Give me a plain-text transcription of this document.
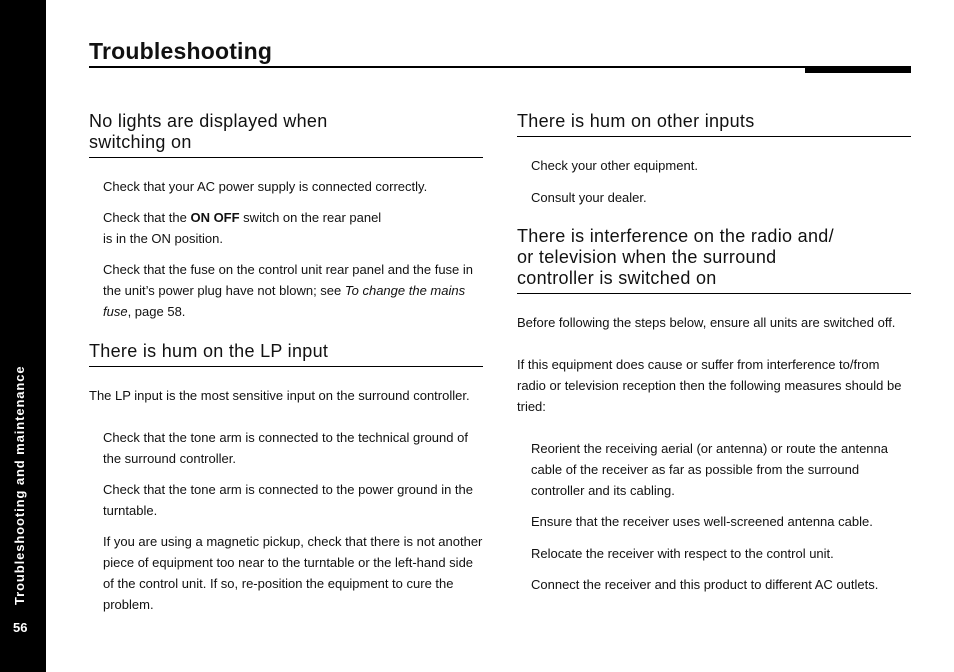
Troubleshooting and maintenance
56
Troubleshooting
No lights are displayed when
switching on

Check that your AC power supply is connected correctly.

Check that the ON OFF switch on the rear panel
is in the ON position.

Check that the fuse on the control unit rear panel and the fuse in the unit’s power plug have not blown; see To change the mains fuse, page 58.

There is hum on the LP input

The LP input is the most sensitive input on the surround controller.

Check that the tone arm is connected to the technical ground of the surround controller.

Check that the tone arm is connected to the power ground in the turntable.

If you are using a magnetic pickup, check that there is not another piece of equipment too near to the turntable or the left-hand side of the control unit. If so, re-position the equipment to cure the problem.

There is hum on other inputs

Check your other equipment.

Consult your dealer.

There is interference on the radio and/
or television when the surround
controller is switched on

Before following the steps below, ensure all units are switched off.

If this equipment does cause or suffer from interference to/from radio or television reception then the following measures should be tried:

Reorient the receiving aerial (or antenna) or route the antenna cable of the receiver as far as possible from the surround controller and its cabling.

Ensure that the receiver uses well-screened antenna cable.

Relocate the receiver with respect to the control unit.

Connect the receiver and this product to different AC outlets.
